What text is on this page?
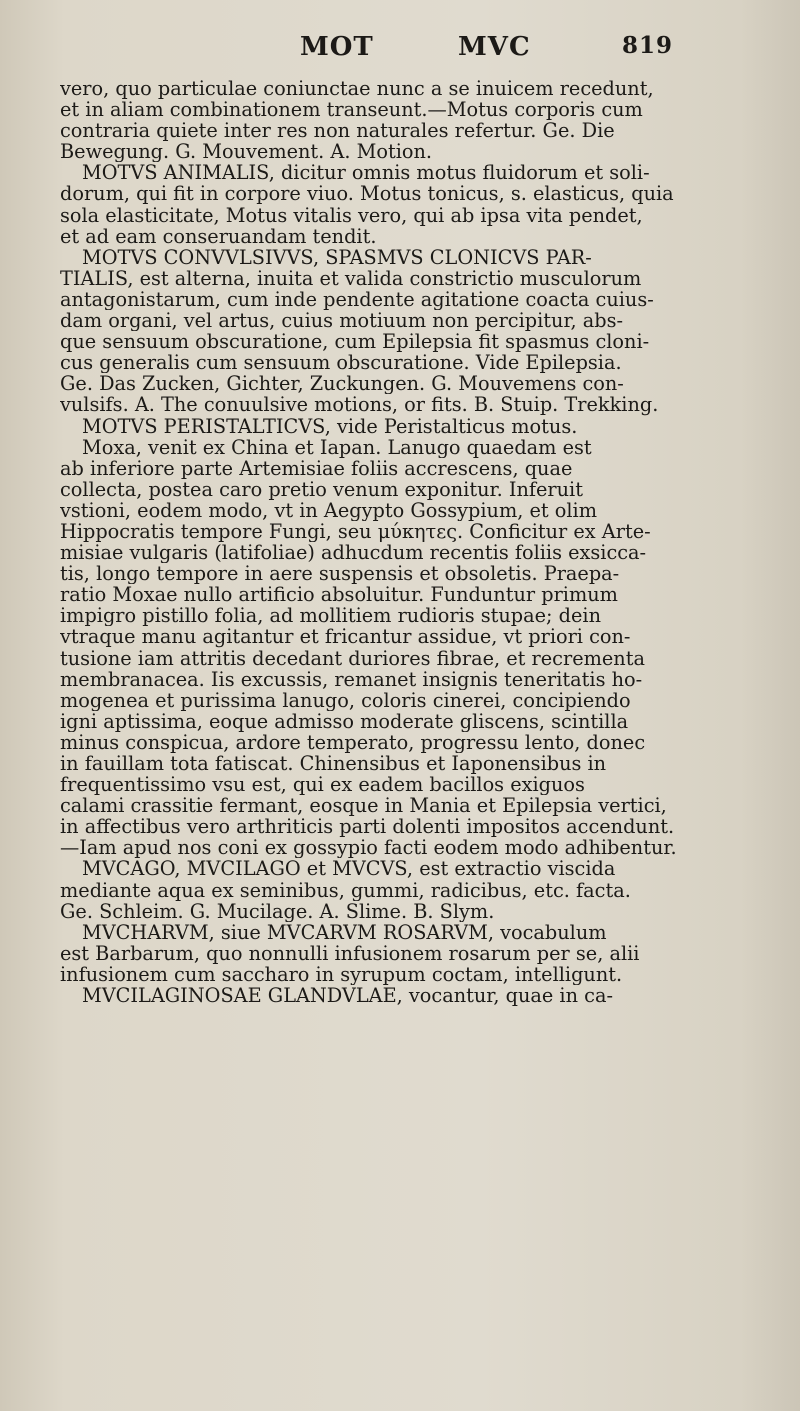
MOT	MVC	819
vero, quo particulae coniunctae nunc a se inuicem recedunt,
et in aliam combinationem transeunt.—Motus corporis cum
contraria quiete inter res non naturales refertur. Ge. Die
Bewegung. G. Mouvement. A. Motion.
MOTVS ANIMALIS, dicitur omnis motus fluidorum et soli-
dorum, qui fit in corpore viuo. Motus tonicus, s. elasticus, quia
sola elasticitate, Motus vitalis vero, qui ab ipsa vita pendet,
et ad eam conseruandam tendit.
MOTVS CONVVLSIVVS, SPASMVS CLONICVS PAR-
TIALIS, est alterna, inuita et valida constrictio musculorum
antagonistarum, cum inde pendente agitatione coacta cuius-
dam organi, vel artus, cuius motiuum non percipitur, abs-
que sensuum obscuratione, cum Epilepsia fit spasmus cloni-
cus generalis cum sensuum obscuratione. Vide Epilepsia.
Ge. Das Zucken, Gichter, Zuckungen. G. Mouvemens con-
vulsifs. A. The conuulsive motions, or fits. B. Stuip. Trekking.
MOTVS PERISTALTICVS, vide Peristalticus motus.
Moxa, venit ex China et Iapan. Lanugo quaedam est
ab inferiore parte Artemisiae foliis accrescens, quae
collecta, postea caro pretio venum exponitur. Inferuit
vstioni, eodem modo, vt in Aegypto Gossypium, et olim
Hippocratis tempore Fungi, seu μύκητες. Conficitur ex Arte-
misiae vulgaris (latifoliae) adhucdum recentis foliis exsicca-
tis, longo tempore in aere suspensis et obsoletis. Praepa-
ratio Moxae nullo artificio absoluitur. Funduntur primum
impigro pistillo folia, ad mollitiem rudioris stupae; dein
vtraque manu agitantur et fricantur assidue, vt priori con-
tusione iam attritis decedant duriores fibrae, et recrementa
membranacea. Iis excussis, remanet insignis teneritatis ho-
mogenea et purissima lanugo, coloris cinerei, concipiendo
igni aptissima, eoque admisso moderate gliscens, scintilla
minus conspicua, ardore temperato, progressu lento, donec
in fauillam tota fatiscat. Chinensibus et Iaponensibus in
frequentissimo vsu est, qui ex eadem bacillos exiguos
calami crassitie fermant, eosque in Mania et Epilepsia vertici,
in affectibus vero arthriticis parti dolenti impositos accendunt.
—Iam apud nos coni ex gossypio facti eodem modo adhibentur.
MVCAGO, MVCILAGO et MVCVS, est extractio viscida
mediante aqua ex seminibus, gummi, radicibus, etc. facta.
Ge. Schleim. G. Mucilage. A. Slime. B. Slym.
MVCHARVM, siue MVCARVM ROSARVM, vocabulum
est Barbarum, quo nonnulli infusionem rosarum per se, alii
infusionem cum saccharo in syrupum coctam, intelligunt.
MVCILAGINOSAE GLANDVLAE, vocantur, quae in ca-
